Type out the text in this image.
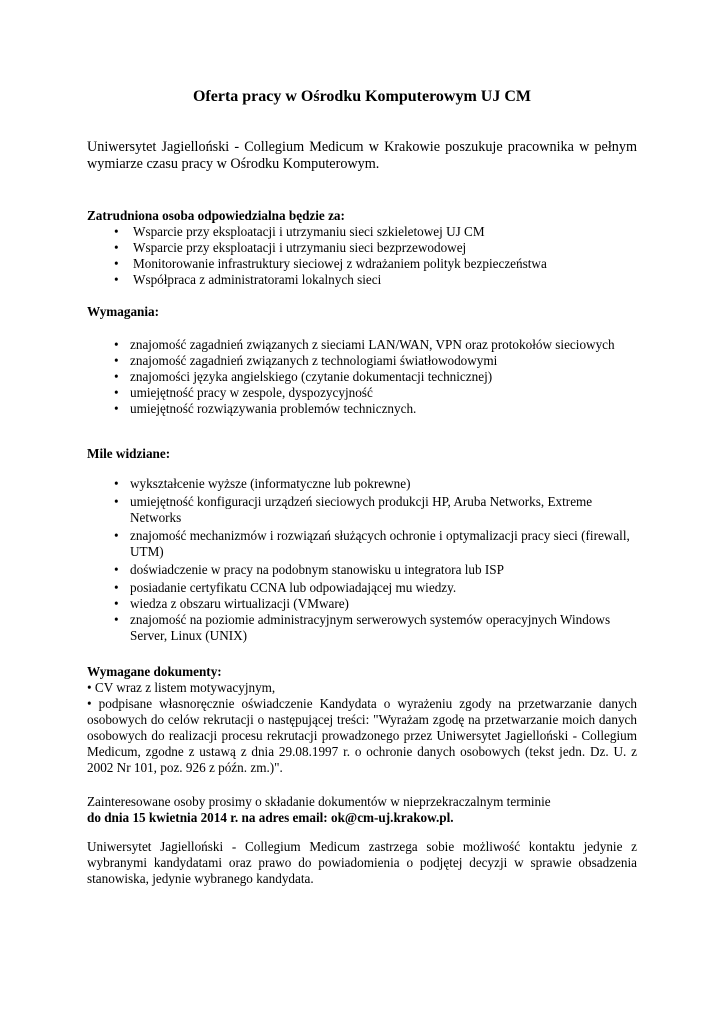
Oferta pracy w Ośrodku Komputerowym UJ CM
Uniwersytet Jagielloński - Collegium Medicum w Krakowie poszukuje pracownika w pełnym wymiarze czasu pracy w Ośrodku Komputerowym.
Zatrudniona osoba odpowiedzialna będzie za:
• Wsparcie przy eksploatacji i utrzymaniu sieci szkieletowej UJ CM
• Wsparcie przy eksploatacji i utrzymaniu sieci bezprzewodowej
• Monitorowanie infrastruktury sieciowej z wdrażaniem polityk bezpieczeństwa
• Współpraca z administratorami lokalnych sieci
Wymagania:
• znajomość zagadnień związanych z sieciami LAN/WAN, VPN oraz protokołów sieciowych
• znajomość zagadnień związanych z technologiami światłowodowymi
• znajomości języka angielskiego (czytanie dokumentacji technicznej)
• umiejętność pracy w zespole, dyspozycyjność
• umiejętność rozwiązywania problemów technicznych.
Mile widziane:
• wykształcenie wyższe (informatyczne lub pokrewne)
• umiejętność konfiguracji urządzeń sieciowych produkcji HP, Aruba Networks, Extreme Networks
• znajomość mechanizmów i rozwiązań służących ochronie i optymalizacji pracy sieci (firewall, UTM)
• doświadczenie w pracy na podobnym stanowisku u integratora lub ISP
• posiadanie certyfikatu CCNA lub odpowiadającej mu wiedzy.
• wiedza z obszaru wirtualizacji (VMware)
• znajomość na poziomie administracyjnym serwerowych systemów operacyjnych Windows Server, Linux (UNIX)
Wymagane dokumenty:

• CV wraz z listem motywacyjnym,

• podpisane własnoręcznie oświadczenie Kandydata o wyrażeniu zgody na przetwarzanie danych osobowych do celów rekrutacji o następującej treści: "Wyrażam zgodę na przetwarzanie moich danych osobowych do realizacji procesu rekrutacji prowadzonego przez Uniwersytet Jagielloński - Collegium Medicum, zgodne z ustawą z dnia 29.08.1997 r. o ochronie danych osobowych (tekst jedn. Dz. U. z 2002 Nr 101, poz. 926 z późn. zm.)".

Zainteresowane osoby prosimy o składanie dokumentów w nieprzekraczalnym terminie

do dnia 15 kwietnia 2014 r. na adres email: ok@cm-uj.krakow.pl.

Uniwersytet Jagielloński - Collegium Medicum zastrzega sobie możliwość kontaktu jedynie z wybranymi kandydatami oraz prawo do powiadomienia o podjętej decyzji w sprawie obsadzenia stanowiska, jedynie wybranego kandydata.
